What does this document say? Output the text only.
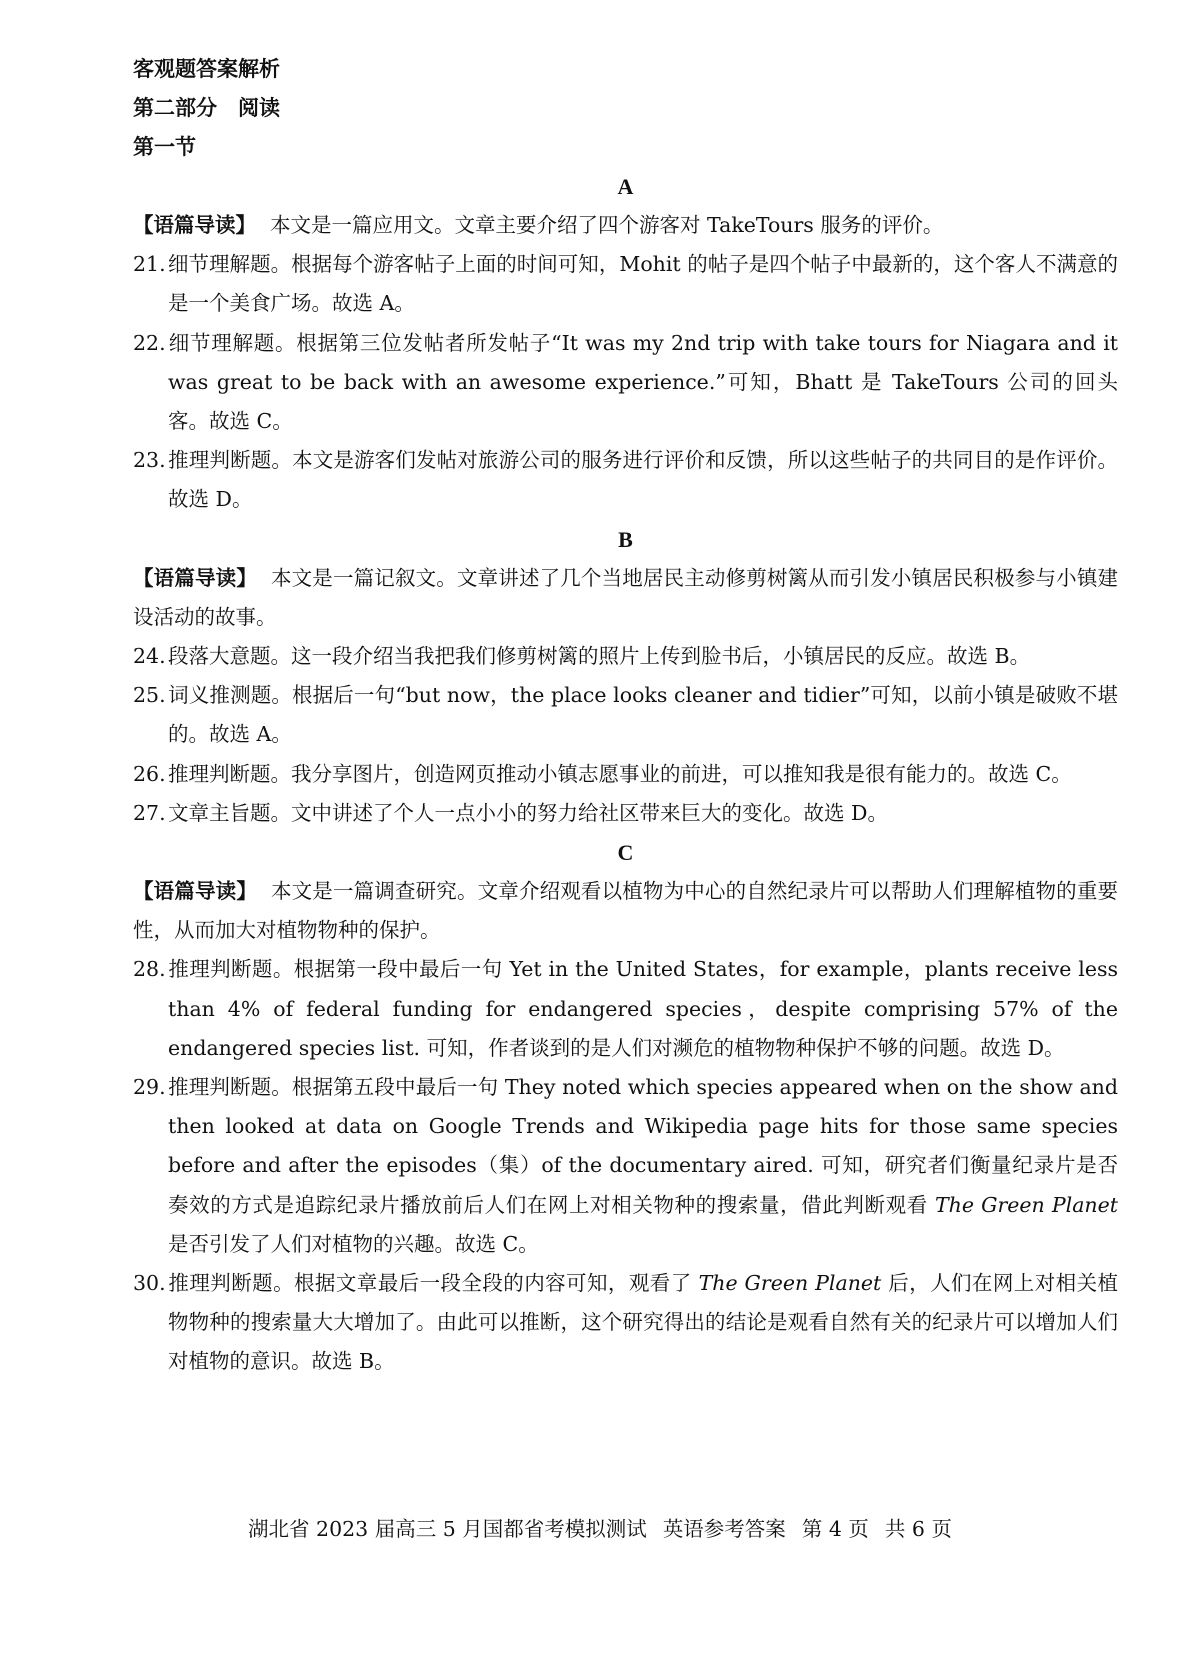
客观题答案解析
第二部分　阅读
第一节
A

【语篇导读】 本文是一篇应用文。文章主要介绍了四个游客对 TakeTours 服务的评价。

21. 细节理解题。根据每个游客帖子上面的时间可知，Mohit 的帖子是四个帖子中最新的，这个客人不满意的是一个美食广场。故选 A。

22. 细节理解题。根据第三位发帖者所发帖子“It was my 2nd trip with take tours for Niagara and it was great to be back with an awesome experience.”可知，Bhatt 是 TakeTours 公司的回头客。故选 C。

23. 推理判断题。本文是游客们发帖对旅游公司的服务进行评价和反馈，所以这些帖子的共同目的是作评价。故选 D。

B

【语篇导读】 本文是一篇记叙文。文章讲述了几个当地居民主动修剪树篱从而引发小镇居民积极参与小镇建设活动的故事。

24. 段落大意题。这一段介绍当我把我们修剪树篱的照片上传到脸书后，小镇居民的反应。故选 B。

25. 词义推测题。根据后一句“but now，the place looks cleaner and tidier”可知，以前小镇是破败不堪的。故选 A。

26. 推理判断题。我分享图片，创造网页推动小镇志愿事业的前进，可以推知我是很有能力的。故选 C。

27. 文章主旨题。文中讲述了个人一点小小的努力给社区带来巨大的变化。故选 D。

C

【语篇导读】 本文是一篇调查研究。文章介绍观看以植物为中心的自然纪录片可以帮助人们理解植物的重要性，从而加大对植物物种的保护。

28. 推理判断题。根据第一段中最后一句 Yet in the United States，for example，plants receive less than 4% of federal funding for endangered species，despite comprising 57% of the endangered species list. 可知，作者谈到的是人们对濒危的植物物种保护不够的问题。故选 D。

29. 推理判断题。根据第五段中最后一句 They noted which species appeared when on the show and then looked at data on Google Trends and Wikipedia page hits for those same species before and after the episodes（集）of the documentary aired. 可知，研究者们衡量纪录片是否奏效的方式是追踪纪录片播放前后人们在网上对相关物种的搜索量，借此判断观看 The Green Planet 是否引发了人们对植物的兴趣。故选 C。

30. 推理判断题。根据文章最后一段全段的内容可知，观看了 The Green Planet 后，人们在网上对相关植物物种的搜索量大大增加了。由此可以推断，这个研究得出的结论是观看自然有关的纪录片可以增加人们对植物的意识。故选 B。

湖北省 2023 届高三 5 月国都省考模拟测试 英语参考答案 第 4 页 共 6 页
